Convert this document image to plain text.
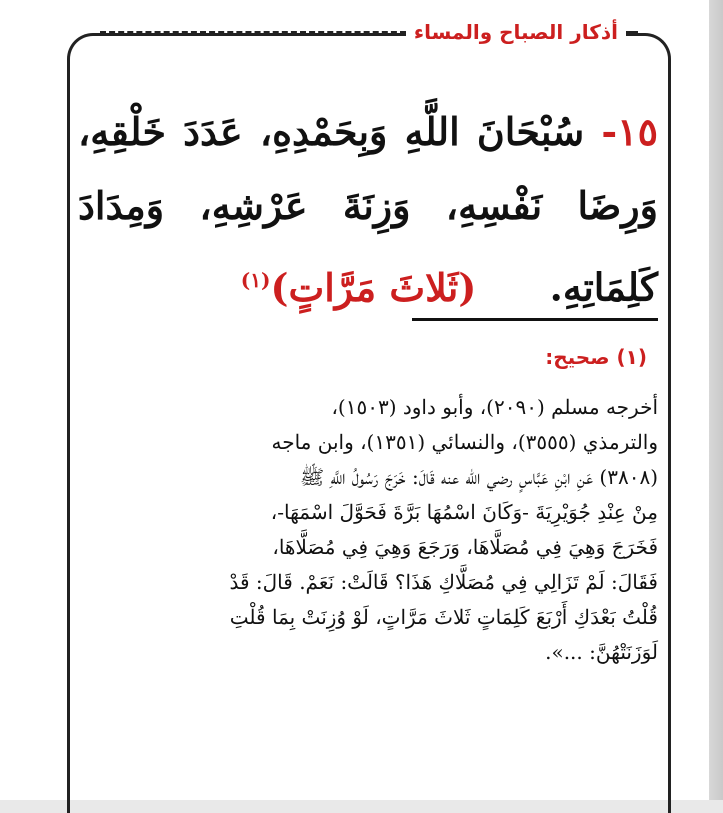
أذكار الصباح والمساء
١٥- سُبْحَانَ اللَّهِ وَبِحَمْدِهِ، عَدَدَ خَلْقِهِ، وَرِضَا نَفْسِهِ، وَزِنَةَ عَرْشِهِ، وَمِدَادَ كَلِمَاتِهِ. (ثَلاثَ مَرَّاتٍ)$^{(١)}$
(١) صحيح:

أخرجه مسلم (٢٠٩٠)، وأبو داود (١٥٠٣)،

والترمذي (٣٥٥٥)، والنسائي (١٣٥١)، وابن ماجه

(٣٨٠٨) عَنِ ابْنِ عَبَّاسٍ رضي الله عنه قَالَ: خَرَجَ رَسُولُ اللَّهِ ﷺ

مِنْ عِنْدِ جُوَيْرِيَةَ -وَكَانَ اسْمُهَا بَرَّةَ فَحَوَّلَ اسْمَهَا-،

فَخَرَجَ وَهِيَ فِي مُصَلَّاهَا، وَرَجَعَ وَهِيَ فِي مُصَلَّاهَا،

فَقَالَ: لَمْ تَزَالِي فِي مُصَلَّاكِ هَذَا؟ قَالَتْ: نَعَمْ. قَالَ: قَدْ

قُلْتُ بَعْدَكِ أَرْبَعَ كَلِمَاتٍ ثَلاثَ مَرَّاتٍ، لَوْ وُزِنَتْ بِمَا قُلْتِ

لَوَزَنَتْهُنَّ: ...».
